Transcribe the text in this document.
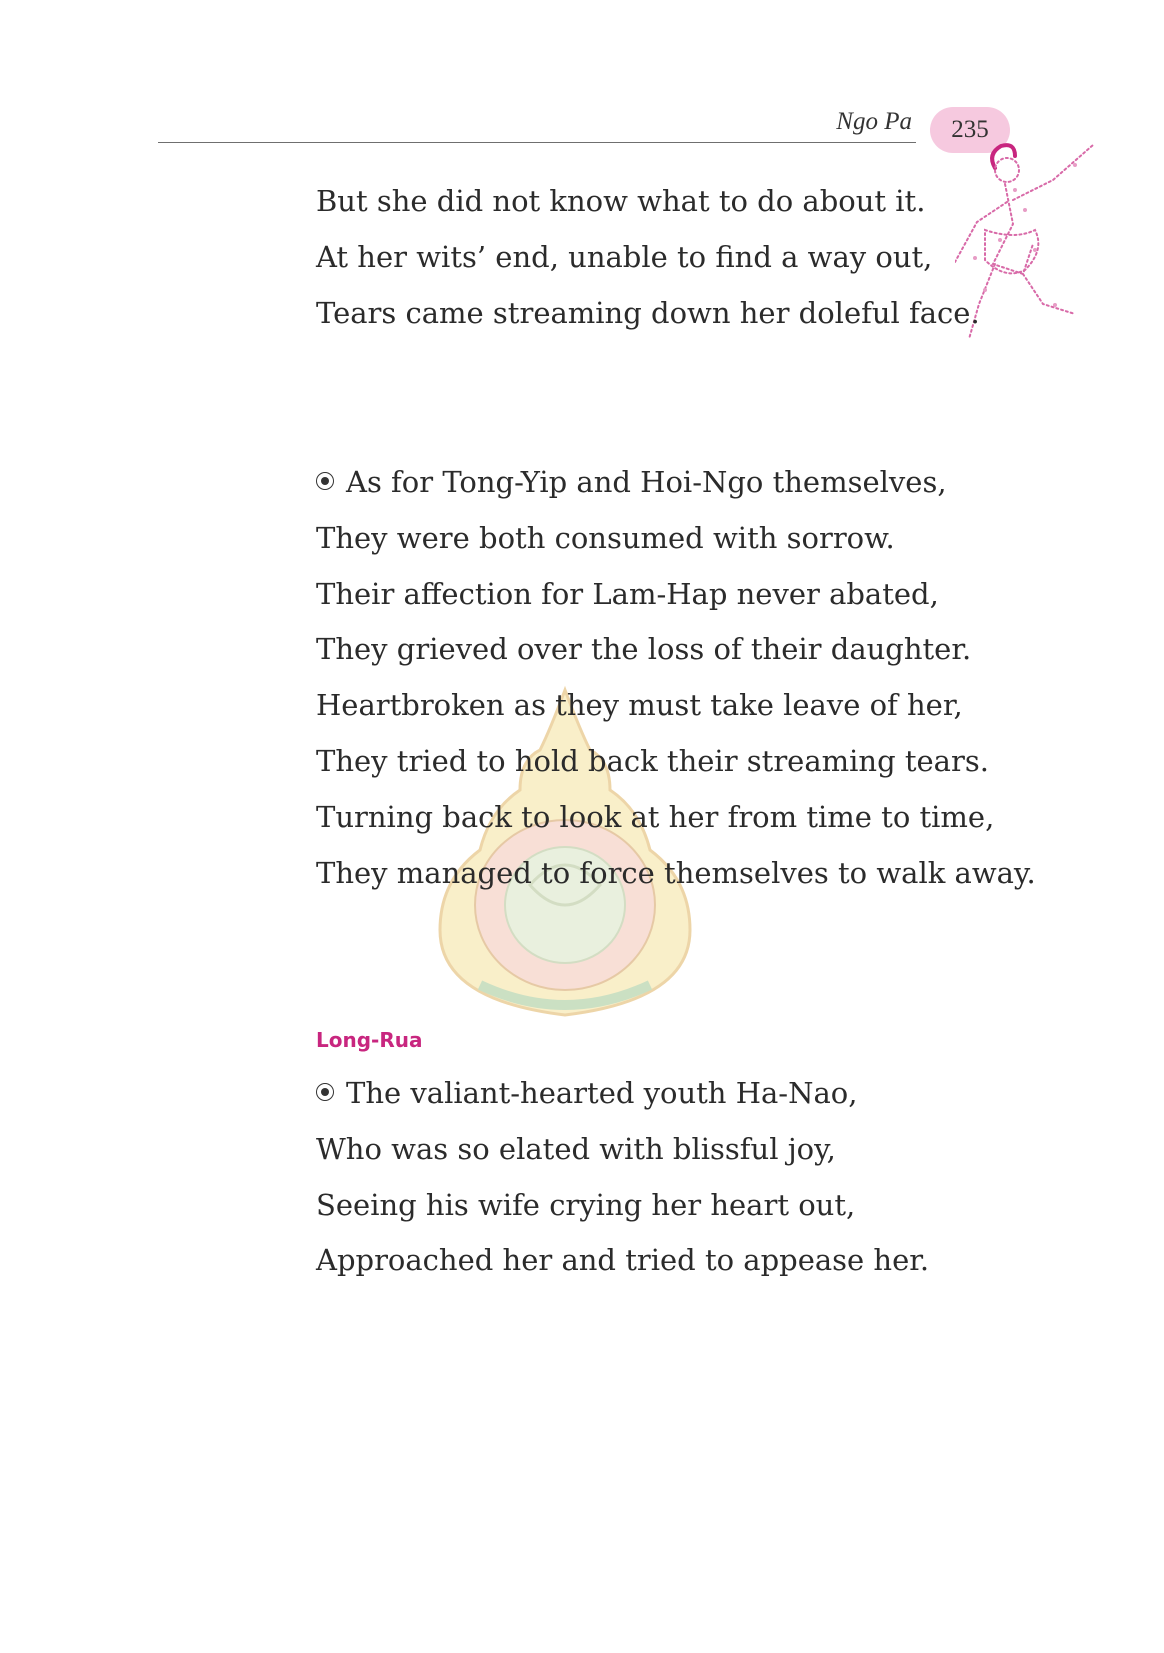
Ngo Pa 235
But she did not know what to do about it.
At her wits’ end, unable to find a way out,
Tears came streaming down her doleful face.
As for Tong-Yip and Hoi-Ngo themselves,
They were both consumed with sorrow.
Their affection for Lam-Hap never abated,
They grieved over the loss of their daughter.
Heartbroken as they must take leave of her,
They tried to hold back their streaming tears.
Turning back to look at her from time to time,
They managed to force themselves to walk away.
Long-Rua
The valiant-hearted youth Ha-Nao,
Who was so elated with blissful joy,
Seeing his wife crying her heart out,
Approached her and tried to appease her.
